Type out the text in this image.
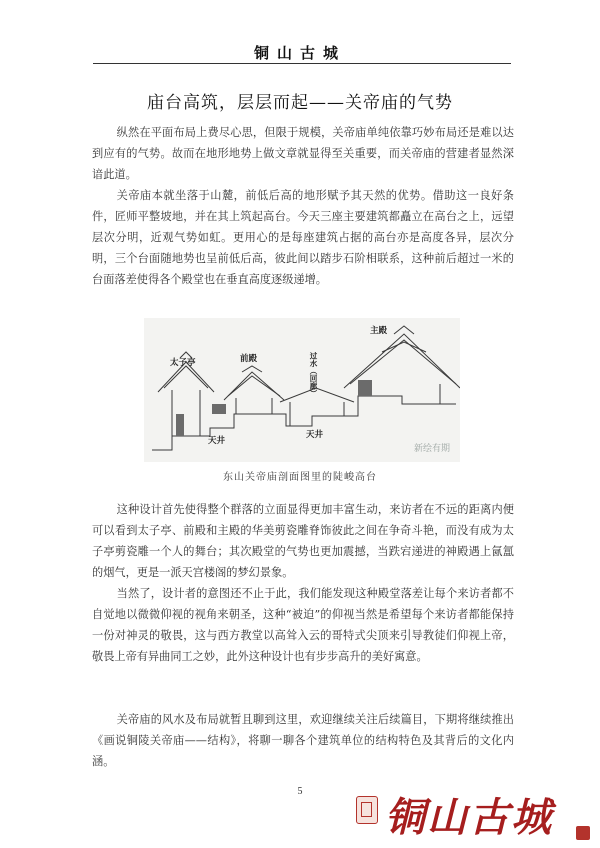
铜山古城
庙台高筑，层层而起——关帝庙的气势

纵然在平面布局上费尽心思，但限于规模，关帝庙单纯依靠巧妙布局还是难以达到应有的气势。故而在地形地势上做文章就显得至关重要，而关帝庙的营建者显然深谙此道。

关帝庙本就坐落于山麓，前低后高的地形赋予其天然的优势。借助这一良好条件，匠师平整坡地，并在其上筑起高台。今天三座主要建筑都矗立在高台之上，远望层次分明，近观气势如虹。更用心的是每座建筑占据的高台亦是高度各异，层次分明，三个台面随地势也呈前低后高，彼此间以踏步石阶相联系，这种前后超过一米的台面落差使得各个殿堂也在垂直高度逐级递增。

太子亭	前殿	过水（回廊）
主殿
天井
天井
新绘有期
东山关帝庙剖面图里的陡峻高台

这种设计首先使得整个群落的立面显得更加丰富生动，来访者在不远的距离内便可以看到太子亭、前殿和主殿的华美剪瓷雕脊饰彼此之间在争奇斗艳，而没有成为太子亭剪瓷雕一个人的舞台；其次殿堂的气势也更加震撼，当跌宕递进的神殿遇上氤氲的烟气，更是一派天宫楼阁的梦幻景象。

当然了，设计者的意图还不止于此，我们能发现这种殿堂落差让每个来访者都不自觉地以微微仰视的视角来朝圣，这种“被迫”的仰视当然是希望每个来访者都能保持一份对神灵的敬畏，这与西方教堂以高耸入云的哥特式尖顶来引导教徒们仰视上帝，敬畏上帝有异曲同工之妙，此外这种设计也有步步高升的美好寓意。

关帝庙的风水及布局就暂且聊到这里，欢迎继续关注后续篇目，下期将继续推出《画说铜陵关帝庙——结构》，将聊一聊各个建筑单位的结构特色及其背后的文化内涵。

5
铜山古城
